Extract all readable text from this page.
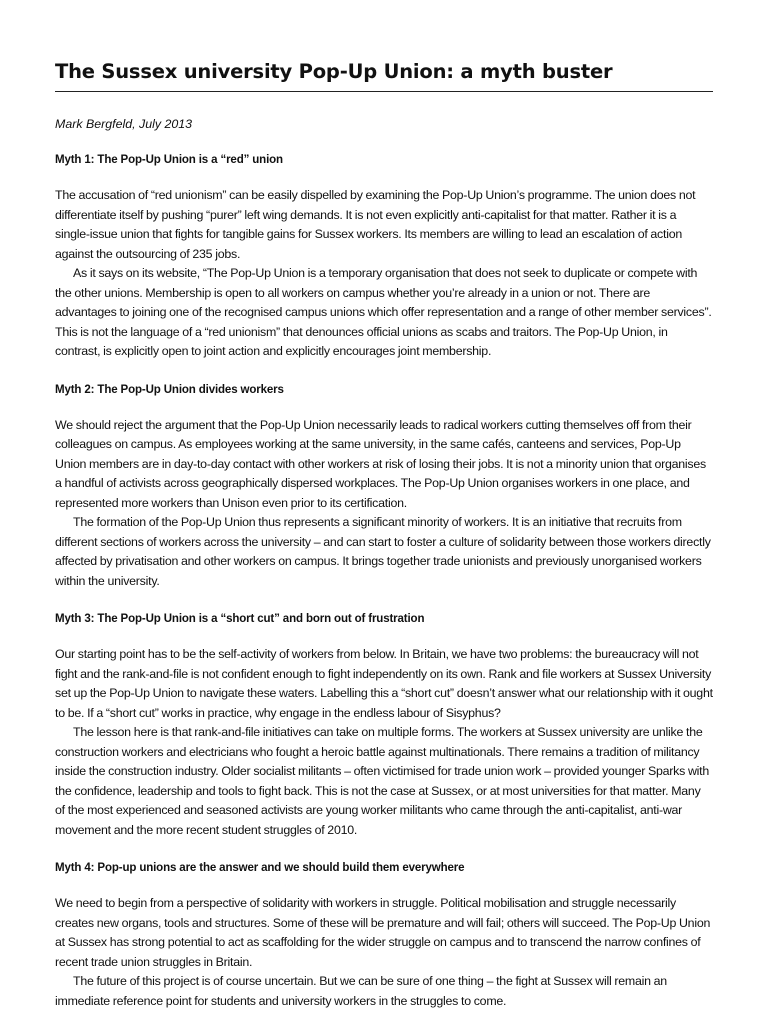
The Sussex university Pop-Up Union: a myth buster

Mark Bergfeld, July 2013

Myth 1: The Pop-Up Union is a “red” union

The accusation of “red unionism” can be easily dispelled by examining the Pop-Up Union’s programme. The union does not differentiate itself by pushing “purer” left wing demands. It is not even explicitly anti-capitalist for that matter. Rather it is a single-issue union that fights for tangible gains for Sussex workers. Its members are willing to lead an escalation of action against the outsourcing of 235 jobs.

As it says on its website, “The Pop-Up Union is a temporary organisation that does not seek to duplicate or compete with the other unions. Membership is open to all workers on campus whether you’re already in a union or not. There are advantages to joining one of the recognised campus unions which offer representation and a range of other member services”. This is not the language of a “red unionism” that denounces official unions as scabs and traitors. The Pop-Up Union, in contrast, is explicitly open to joint action and explicitly encourages joint membership.

Myth 2: The Pop-Up Union divides workers

We should reject the argument that the Pop-Up Union necessarily leads to radical workers cutting themselves off from their colleagues on campus. As employees working at the same university, in the same cafés, canteens and services, Pop-Up Union members are in day-to-day contact with other workers at risk of losing their jobs. It is not a minority union that organises a handful of activists across geographically dispersed workplaces. The Pop-Up Union organises workers in one place, and represented more workers than Unison even prior to its certification.

The formation of the Pop-Up Union thus represents a significant minority of workers. It is an initiative that recruits from different sections of workers across the university – and can start to foster a culture of solidarity between those workers directly affected by privatisation and other workers on campus. It brings together trade unionists and previously unorganised workers within the university.

Myth 3: The Pop-Up Union is a “short cut” and born out of frustration

Our starting point has to be the self-activity of workers from below. In Britain, we have two problems: the bureaucracy will not fight and the rank-and-file is not confident enough to fight independently on its own. Rank and file workers at Sussex University set up the Pop-Up Union to navigate these waters. Labelling this a “short cut” doesn’t answer what our relationship with it ought to be. If a “short cut” works in practice, why engage in the endless labour of Sisyphus?

The lesson here is that rank-and-file initiatives can take on multiple forms. The workers at Sussex university are unlike the construction workers and electricians who fought a heroic battle against multinationals. There remains a tradition of militancy inside the construction industry. Older socialist militants – often victimised for trade union work – provided younger Sparks with the confidence, leadership and tools to fight back. This is not the case at Sussex, or at most universities for that matter. Many of the most experienced and seasoned activists are young worker militants who came through the anti-capitalist, anti-war movement and the more recent student struggles of 2010.

Myth 4: Pop-up unions are the answer and we should build them everywhere

We need to begin from a perspective of solidarity with workers in struggle. Political mobilisation and struggle necessarily creates new organs, tools and structures. Some of these will be premature and will fail; others will succeed. The Pop-Up Union at Sussex has strong potential to act as scaffolding for the wider struggle on campus and to transcend the narrow confines of recent trade union struggles in Britain.

The future of this project is of course uncertain. But we can be sure of one thing – the fight at Sussex will remain an immediate reference point for students and university workers in the struggles to come.
